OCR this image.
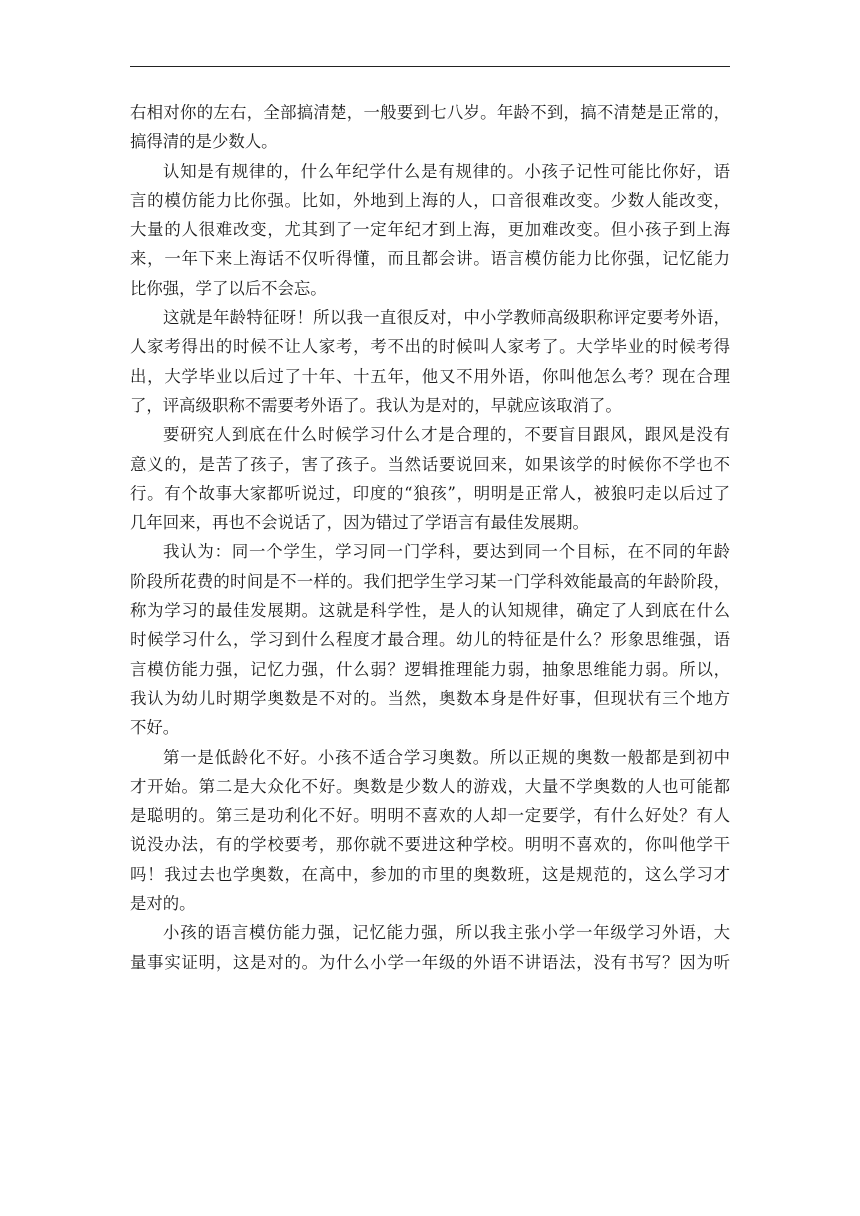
右相对你的左右，全部搞清楚，一般要到七八岁。年龄不到，搞不清楚是正常的，
搞得清的是少数人。
认知是有规律的，什么年纪学什么是有规律的。小孩子记性可能比你好，语
言的模仿能力比你强。比如，外地到上海的人，口音很难改变。少数人能改变，
大量的人很难改变，尤其到了一定年纪才到上海，更加难改变。但小孩子到上海
来，一年下来上海话不仅听得懂，而且都会讲。语言模仿能力比你强，记忆能力
比你强，学了以后不会忘。
这就是年龄特征呀！所以我一直很反对，中小学教师高级职称评定要考外语，
人家考得出的时候不让人家考，考不出的时候叫人家考了。大学毕业的时候考得
出，大学毕业以后过了十年、十五年，他又不用外语，你叫他怎么考？现在合理
了，评高级职称不需要考外语了。我认为是对的，早就应该取消了。
要研究人到底在什么时候学习什么才是合理的，不要盲目跟风，跟风是没有
意义的，是苦了孩子，害了孩子。当然话要说回来，如果该学的时候你不学也不
行。有个故事大家都听说过，印度的“狼孩”，明明是正常人，被狼叼走以后过了
几年回来，再也不会说话了，因为错过了学语言有最佳发展期。
我认为：同一个学生，学习同一门学科，要达到同一个目标，在不同的年龄
阶段所花费的时间是不一样的。我们把学生学习某一门学科效能最高的年龄阶段，
称为学习的最佳发展期。这就是科学性，是人的认知规律，确定了人到底在什么
时候学习什么，学习到什么程度才最合理。幼儿的特征是什么？形象思维强，语
言模仿能力强，记忆力强，什么弱？逻辑推理能力弱，抽象思维能力弱。所以，
我认为幼儿时期学奥数是不对的。当然，奥数本身是件好事，但现状有三个地方
不好。
第一是低龄化不好。小孩不适合学习奥数。所以正规的奥数一般都是到初中
才开始。第二是大众化不好。奥数是少数人的游戏，大量不学奥数的人也可能都
是聪明的。第三是功利化不好。明明不喜欢的人却一定要学，有什么好处？有人
说没办法，有的学校要考，那你就不要进这种学校。明明不喜欢的，你叫他学干
吗！我过去也学奥数，在高中，参加的市里的奥数班，这是规范的，这么学习才
是对的。
小孩的语言模仿能力强，记忆能力强，所以我主张小学一年级学习外语，大
量事实证明，这是对的。为什么小学一年级的外语不讲语法，没有书写？因为听
